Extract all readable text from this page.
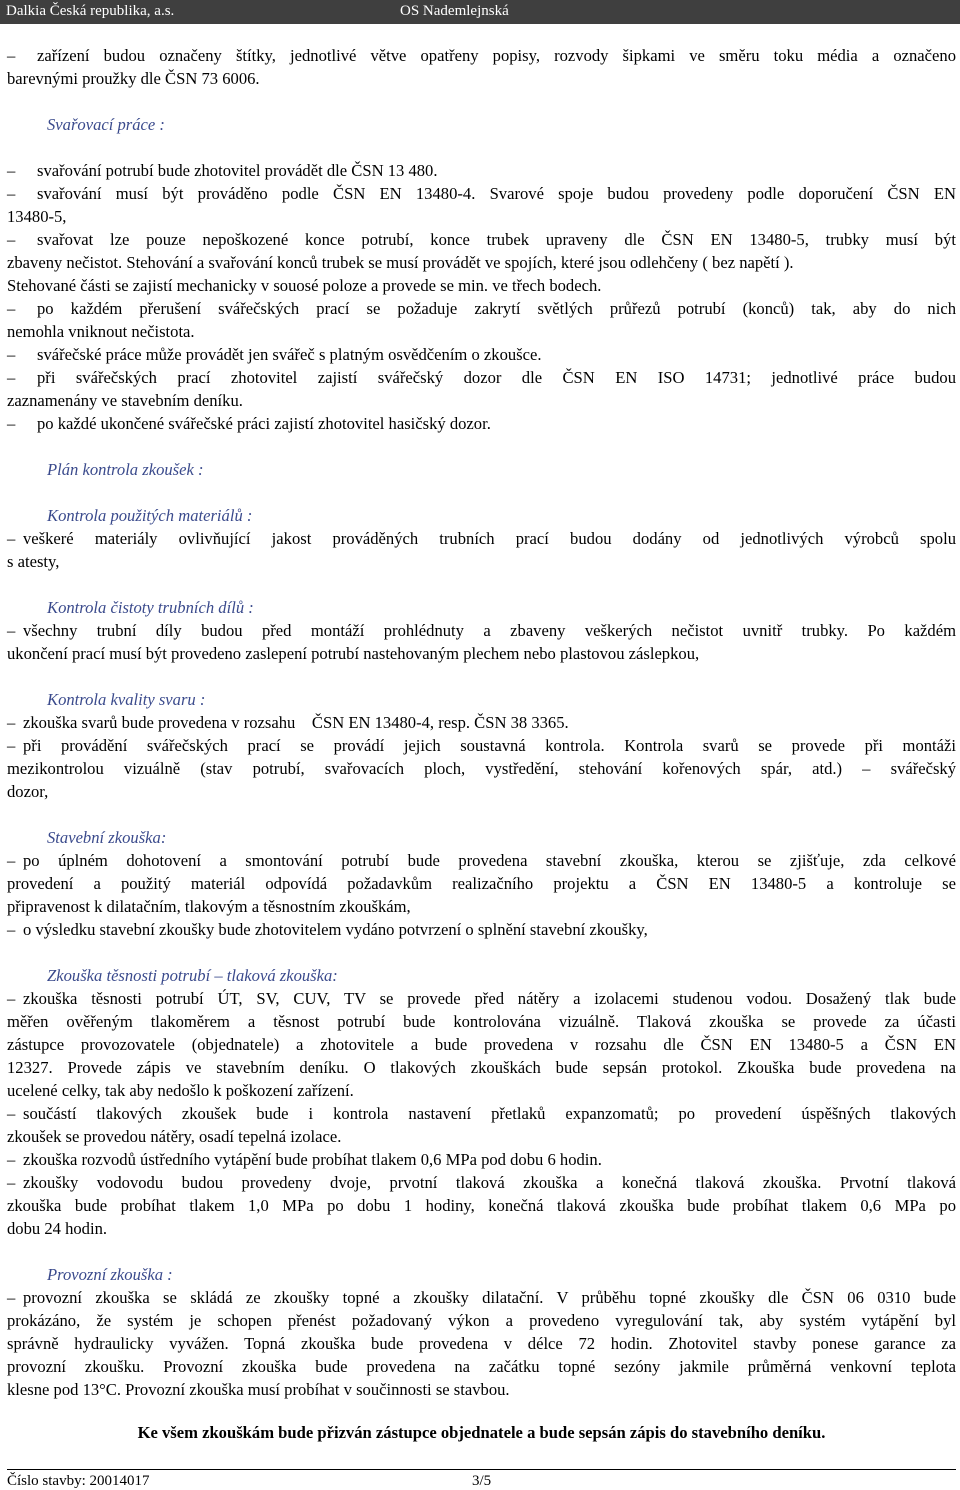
Dalkia Česká republika, a.s.	OS Nademlejnská
– zařízení budou označeny štítky, jednotlivé větve opatřeny popisy, rozvody šipkami ve směru toku média a označeno
barevnými proužky dle ČSN 73 6006.
Svařovací práce :
– svařování potrubí bude zhotovitel provádět dle ČSN 13 480.
– svařování musí být prováděno podle ČSN EN 13480-4. Svarové spoje budou provedeny podle doporučení ČSN EN
13480-5,
– svařovat lze pouze nepoškozené konce potrubí, konce trubek upraveny dle ČSN EN 13480-5, trubky musí být
zbaveny nečistot. Stehování a svařování konců trubek se musí provádět ve spojích, které jsou odlehčeny ( bez napětí ).
Stehované části se zajistí mechanicky v souosé poloze a provede se min. ve třech bodech.
– po každém přerušení svářečských prací se požaduje zakrytí světlých průřezů potrubí (konců) tak, aby do nich
nemohla vniknout nečistota.
– svářečské práce může provádět jen svářeč s platným osvědčením o zkoušce.
– při svářečských prací zhotovitel zajistí svářečský dozor dle ČSN EN ISO 14731; jednotlivé práce budou
zaznamenány ve stavebním deníku.
– po každé ukončené svářečské práci zajistí zhotovitel hasičský dozor.
Plán kontrola zkoušek :
Kontrola použitých materiálů :
– veškeré materiály ovlivňující jakost prováděných trubních prací budou dodány od jednotlivých výrobců spolu
s atesty,
Kontrola čistoty trubních dílů :
– všechny trubní díly budou před montáží prohlédnuty a zbaveny veškerých nečistot uvnitř trubky. Po každém
ukončení prací musí být provedeno zaslepení potrubí nastehovaným plechem nebo plastovou záslepkou,
Kontrola kvality svaru :
– zkouška svarů bude provedena v rozsahu    ČSN EN 13480-4, resp. ČSN 38 3365.
– při provádění svářečských prací se provádí jejich soustavná kontrola. Kontrola svarů se provede při montáži
mezikontrolou vizuálně (stav potrubí, svařovacích ploch, vystředění, stehování kořenových spár, atd.) – svářečský
dozor,
Stavební zkouška:
– po úplném dohotovení a smontování potrubí bude provedena stavební zkouška, kterou se zjišťuje, zda celkové
provedení a použitý materiál odpovídá požadavkům realizačního projektu a ČSN EN 13480-5 a kontroluje se
připravenost k dilatačním, tlakovým a těsnostním zkouškám,
– o výsledku stavební zkoušky bude zhotovitelem vydáno potvrzení o splnění stavební zkoušky,
Zkouška těsnosti potrubí – tlaková zkouška:
– zkouška těsnosti potrubí ÚT, SV, CUV, TV se provede před nátěry a izolacemi studenou vodou. Dosažený tlak bude
měřen ověřeným tlakoměrem a těsnost potrubí bude kontrolována vizuálně. Tlaková zkouška se provede za účasti
zástupce provozovatele (objednatele) a zhotovitele a bude provedena v rozsahu dle ČSN EN 13480-5 a ČSN EN
12327. Provede zápis ve stavebním deníku. O tlakových zkouškách bude sepsán protokol. Zkouška bude provedena na
ucelené celky, tak aby nedošlo k poškození zařízení.
– součástí tlakových zkoušek bude i kontrola nastavení přetlaků expanzomatů; po provedení úspěšných tlakových
zkoušek se provedou nátěry, osadí tepelná izolace.
– zkouška rozvodů ústředního vytápění bude probíhat tlakem 0,6 MPa pod dobu 6 hodin.
– zkoušky vodovodu budou provedeny dvoje, prvotní tlaková zkouška a konečná tlaková zkouška. Prvotní tlaková
zkouška bude probíhat tlakem 1,0 MPa po dobu 1 hodiny, konečná tlaková zkouška bude probíhat tlakem 0,6 MPa po
dobu 24 hodin.
Provozní zkouška :
– provozní zkouška se skládá ze zkoušky topné a zkoušky dilatační. V průběhu topné zkoušky dle ČSN 06 0310 bude
prokázáno, že systém je schopen přenést požadovaný výkon a provedeno vyregulování tak, aby systém vytápění byl
správně hydraulicky vyvážen. Topná zkouška bude provedena v délce 72 hodin. Zhotovitel stavby ponese garance za
provozní zkoušku. Provozní zkouška bude provedena na začátku topné sezóny jakmile průměrná venkovní teplota
klesne pod 13°C. Provozní zkouška musí probíhat v součinnosti se stavbou.
Ke všem zkouškám bude přizván zástupce objednatele a bude sepsán zápis do stavebního deníku.
Číslo stavby: 20014017	3/5
